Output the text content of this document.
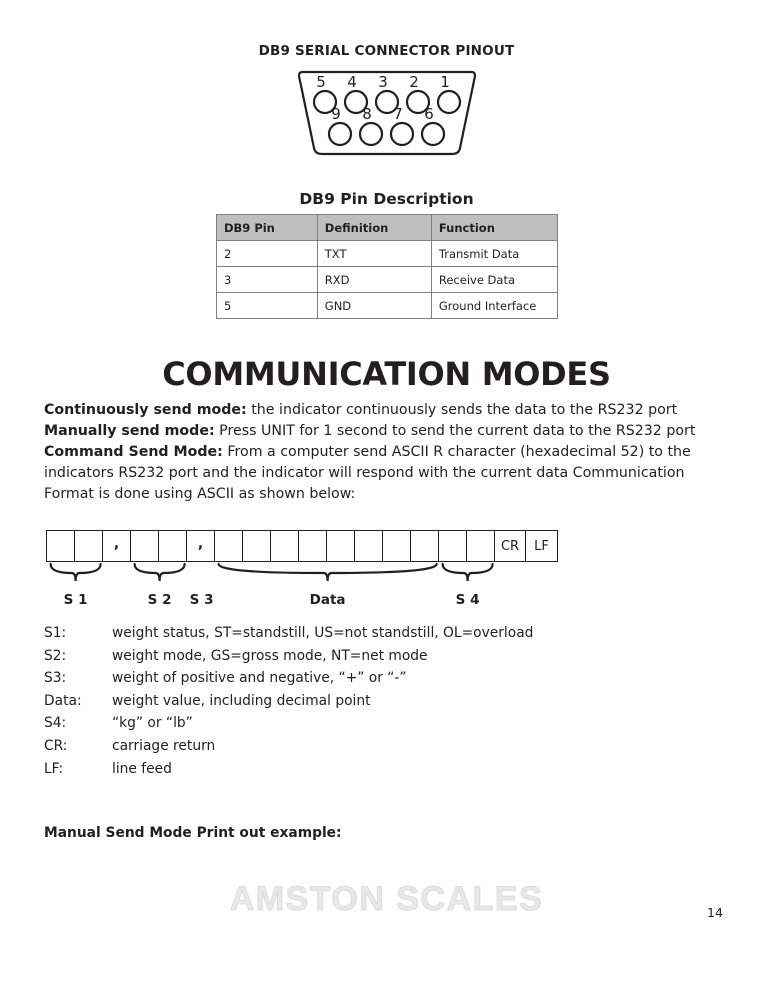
DB9 SERIAL CONNECTOR PINOUT
5 4 3 2 1
9 8 7 6
DB9 Pin Description
DB9 Pin	Definition	Function
2	TXT	Transmit Data
3	RXD	Receive Data
5	GND	Ground Interface
COMMUNICATION MODES

Continuously send mode: the indicator continuously sends the data to the RS232 port

Manually send mode: Press UNIT for 1 second to send the current data to the RS232 port

Command Send Mode: From a computer send ASCII R character (hexadecimal 52) to the indicators RS232 port and the indicator will respond with the current data Communication Format is done using ASCII as shown below:

,	,	CR	LF
S 1	S 2 S 3	Data	S 4
S1:	weight status, ST=standstill, US=not standstill, OL=overload
S2:	weight mode, GS=gross mode, NT=net mode
S3:	weight of positive and negative, “+” or “-”
Data:	weight value, including decimal point
S4:	“kg” or “lb”
CR:	carriage return
LF:	line feed
Manual Send Mode Print out example:
AMSTON SCALES	14
